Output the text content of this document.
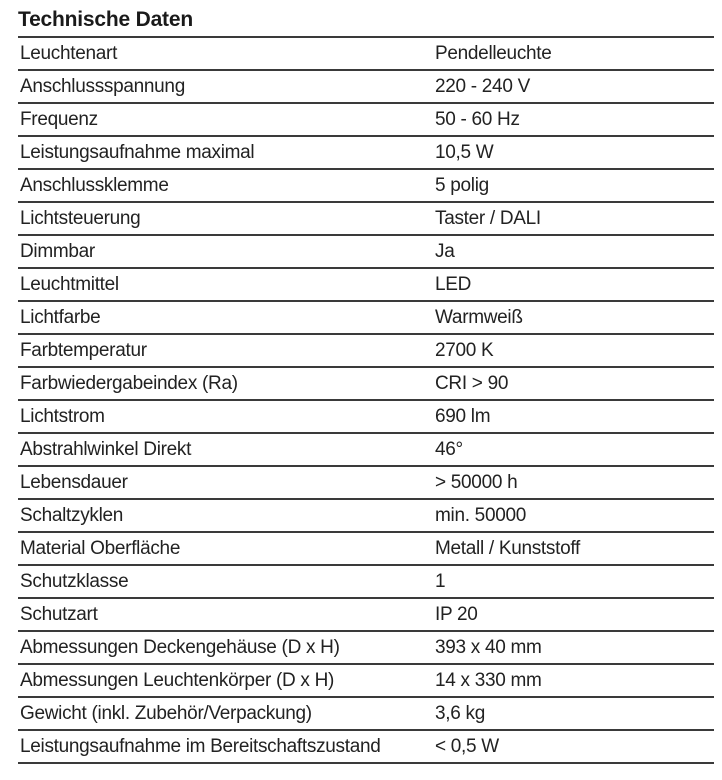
Technische Daten
Leuchtenart	Pendelleuchte
Anschlussspannung	220 - 240 V
Frequenz	50 - 60 Hz
Leistungsaufnahme maximal	10,5 W
Anschlussklemme	5 polig
Lichtsteuerung	Taster / DALI
Dimmbar	Ja
Leuchtmittel	LED
Lichtfarbe	Warmweiß
Farbtemperatur	2700 K
Farbwiedergabeindex (Ra)	CRI > 90
Lichtstrom	690 lm
Abstrahlwinkel Direkt	46°
Lebensdauer	> 50000 h
Schaltzyklen	min. 50000
Material Oberfläche	Metall / Kunststoff
Schutzklasse	1
Schutzart	IP 20
Abmessungen Deckengehäuse (D x H)	393 x 40 mm
Abmessungen Leuchtenkörper (D x H)	14 x 330 mm
Gewicht (inkl. Zubehör/Verpackung)	3,6 kg
Leistungsaufnahme im Bereitschaftszustand	< 0,5 W
